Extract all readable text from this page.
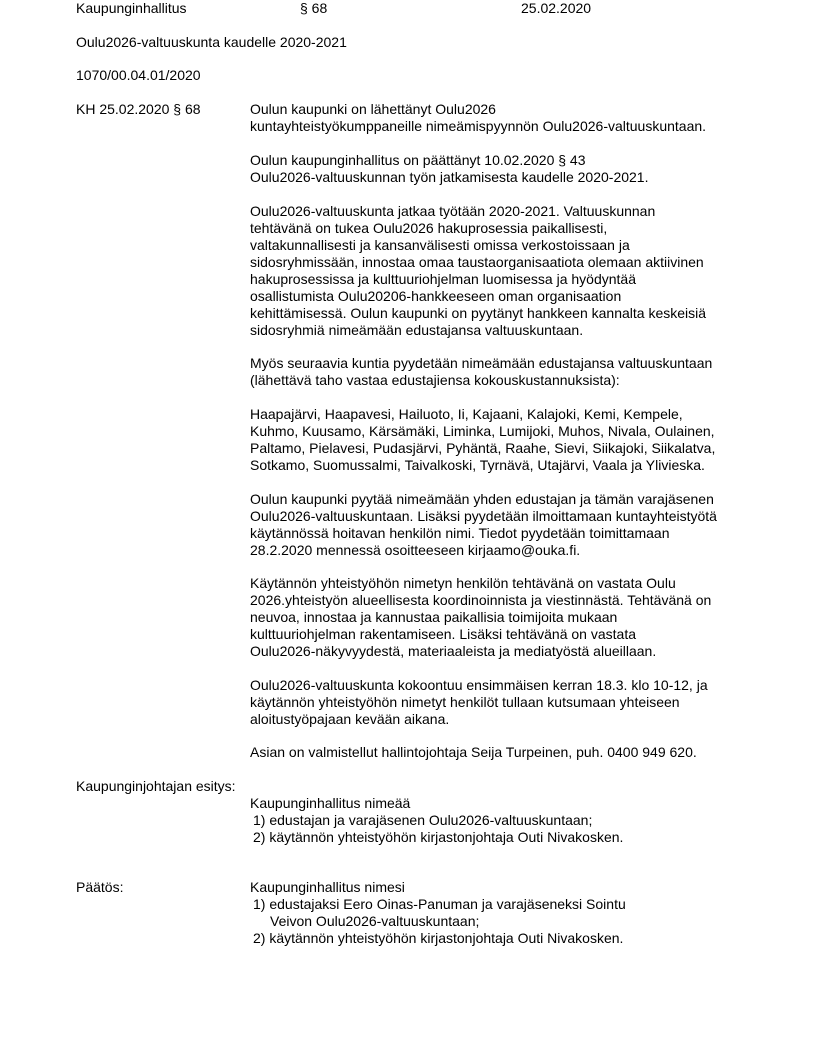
Kaupunginhallitus	§ 68	25.02.2020
Oulu2026-valtuuskunta kaudelle 2020-2021
1070/00.04.01/2020
KH 25.02.2020 § 68	Oulun kaupunki on lähettänyt Oulu2026
kuntayhteistyökumppaneille nimeämispyynnön Oulu2026-valtuuskuntaan.
Oulun kaupunginhallitus on päättänyt 10.02.2020 § 43
Oulu2026-valtuuskunnan työn jatkamisesta kaudelle 2020-2021.
Oulu2026-valtuuskunta jatkaa työtään 2020-2021. Valtuuskunnan
tehtävänä on tukea Oulu2026 hakuprosessia paikallisesti,
valtakunnallisesti ja kansanvälisesti omissa verkostoissaan ja
sidosryhmissään, innostaa omaa taustaorganisaatiota olemaan aktiivinen
hakuprosessissa ja kulttuuriohjelman luomisessa ja hyödyntää
osallistumista Oulu20206-hankkeeseen oman organisaation
kehittämisessä. Oulun kaupunki on pyytänyt hankkeen kannalta keskeisiä
sidosryhmiä nimeämään edustajansa valtuuskuntaan.
Myös seuraavia kuntia pyydetään nimeämään edustajansa valtuuskuntaan
(lähettävä taho vastaa edustajiensa kokouskustannuksista):
Haapajärvi, Haapavesi, Hailuoto, Ii, Kajaani, Kalajoki, Kemi, Kempele,
Kuhmo, Kuusamo, Kärsämäki, Liminka, Lumijoki, Muhos, Nivala, Oulainen,
Paltamo, Pielavesi, Pudasjärvi, Pyhäntä, Raahe, Sievi, Siikajoki, Siikalatva,
Sotkamo, Suomussalmi, Taivalkoski, Tyrnävä, Utajärvi, Vaala ja Ylivieska.
Oulun kaupunki pyytää nimeämään yhden edustajan ja tämän varajäsenen
Oulu2026-valtuuskuntaan. Lisäksi pyydetään ilmoittamaan kuntayhteistyötä
käytännössä hoitavan henkilön nimi. Tiedot pyydetään toimittamaan
28.2.2020 mennessä osoitteeseen kirjaamo@ouka.fi.
Käytännön yhteistyöhön nimetyn henkilön tehtävänä on vastata Oulu
2026.yhteistyön alueellisesta koordinoinnista ja viestinnästä. Tehtävänä on
neuvoa, innostaa ja kannustaa paikallisia toimijoita mukaan
kulttuuriohjelman rakentamiseen. Lisäksi tehtävänä on vastata
Oulu2026-näkyvyydestä, materiaaleista ja mediatyöstä alueillaan.
Oulu2026-valtuuskunta kokoontuu ensimmäisen kerran 18.3. klo 10-12, ja
käytännön yhteistyöhön nimetyt henkilöt tullaan kutsumaan yhteiseen
aloitustyöpajaan kevään aikana.
Asian on valmistellut hallintojohtaja Seija Turpeinen, puh. 0400 949 620.
Kaupunginjohtajan esitys:
Kaupunginhallitus nimeää
1) edustajan ja varajäsenen Oulu2026-valtuuskuntaan;
2) käytännön yhteistyöhön kirjastonjohtaja Outi Nivakosken.
Päätös:	Kaupunginhallitus nimesi
1) edustajaksi Eero Oinas-Panuman ja varajäseneksi Sointu
Veivon Oulu2026-valtuuskuntaan;
2) käytännön yhteistyöhön kirjastonjohtaja Outi Nivakosken.
